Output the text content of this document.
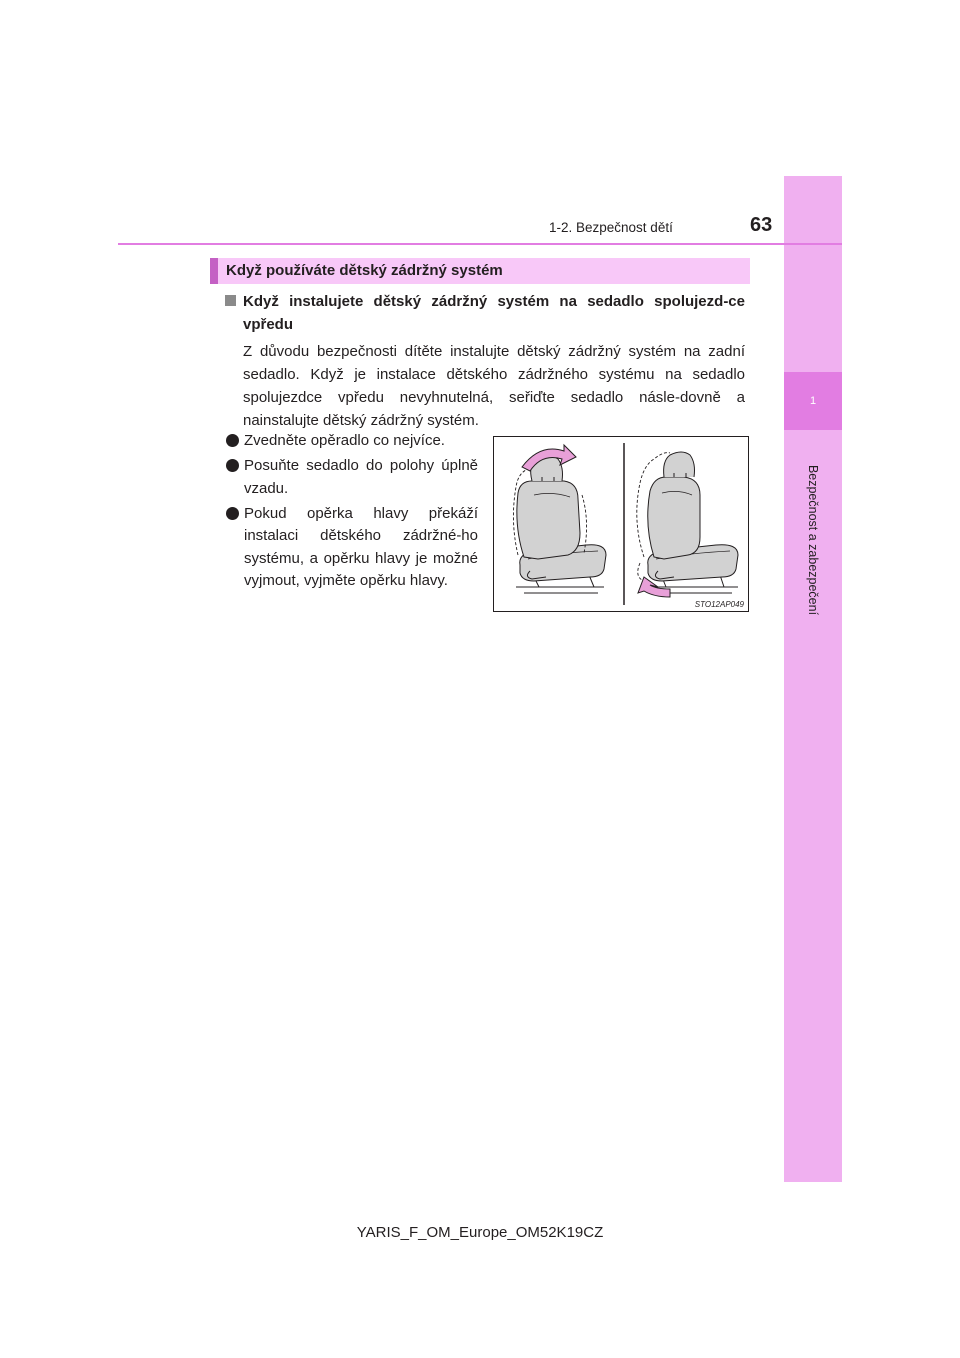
1
Bezpečnost a zabezpečení
63
1-2. Bezpečnost dětí
Když používáte dětský zádržný systém
Když instalujete dětský zádržný systém na sedadlo spolujezd-ce vpředu
Z důvodu bezpečnosti dítěte instalujte dětský zádržný systém na zadní sedadlo. Když je instalace dětského zádržného systému na sedadlo spolujezdce vpředu nevyhnutelná, seřiďte sedadlo násle-dovně a nainstalujte dětský zádržný systém.
Zvedněte opěradlo co nejvíce.
Posuňte sedadlo do polohy úplně vzadu.
Pokud opěrka hlavy překáží instalaci dětského zádržné-ho systému, a opěrku hlavy je možné vyjmout, vyjměte opěrku hlavy.
STO12AP049
YARIS_F_OM_Europe_OM52K19CZ
